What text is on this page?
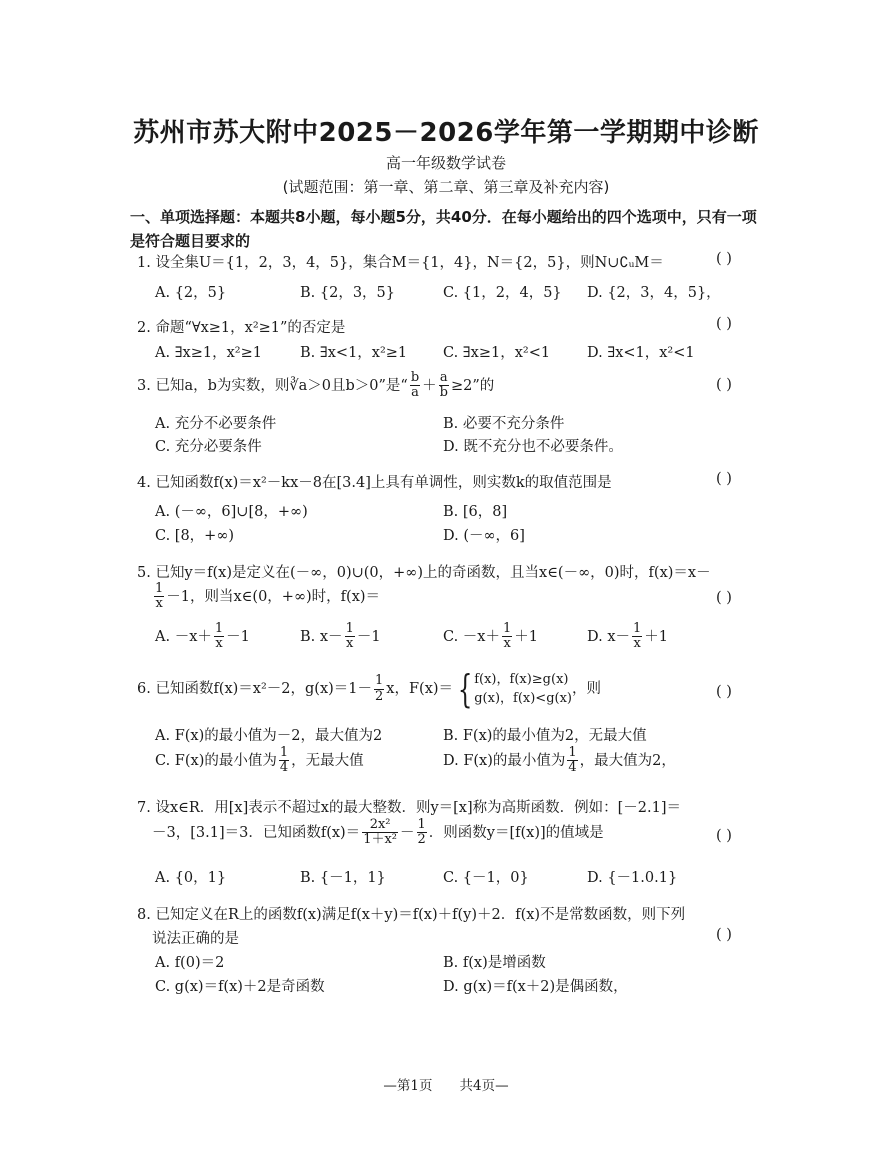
苏州市苏大附中2025－2026学年第一学期期中诊断
高一年级数学试卷
(试题范围：第一章、第二章、第三章及补充内容)
一、单项选择题：本题共8小题，每小题5分，共40分．在每小题给出的四个选项中，只有一项是符合题目要求的
1. 设全集U＝{1，2，3，4，5}，集合M＝{1，4}，N＝{2，5}，则N∪∁ᵤM＝	( )
A. {2，5}	B. {2，3，5}	C. {1，2，4，5} D. {2，3，4，5}，
2. 命题“∀x≥1，x²≥1”的否定是	( )
A. ∃x≥1，x²≥1	B. ∃x<1，x²≥1 C. ∃x≥1，x²<1	D. ∃x<1，x²<1
3. 已知a，b为实数，则∛a＞0且b＞0”是“ $\frac{b}{a} + \frac{a}{b} \ge 2$”的	( )
A. 充分不必要条件	B. 必要不充分条件
C. 充分必要条件	D. 既不充分也不必要条件。
4. 已知函数f(x)＝x²－kx－8在[3.4]上具有单调性，则实数k的取值范围是	( )
A. (－∞，6]∪[8，+∞)	B. [6，8]
C. [8，+∞)	D. (－∞，6]
5. 已知y＝f(x)是定义在(－∞，0)∪(0，+∞)上的奇函数，且当x∈(－∞，0)时，f(x)＝x－
$\frac{1}{x} -1$，则当x∈(0，+∞)时，f(x)＝	( )
A. $-x+ \frac{1}{x} -1$	B. $x- \frac{1}{x} -1$	C. $-x+ \frac{1}{x} +1$	D. $x- \frac{1}{x} +1$
6. 已知函数f(x)＝x²－2，$g(x)=1- \frac{1}{2}$ x，F(x)＝ { f(x)，f(x)≥g(x)
g(x)，f(x)<g(x)
，则	( )
A. F(x)的最小值为－2，最大值为2	B. F(x)的最小值为2，无最大值
C. F(x)的最小值为 $\frac{1}{4}$ ，无最大值	D. F(x)的最小值为 $\frac{1}{4}$ ，最大值为2，
7. 设x∈R．用[x]表示不超过x的最大整数．则y＝[x]称为高斯函数．例如：[－2.1]＝
－3，[3.1]＝3．已知函数$f(x)= \frac{\text{2x²}}{\text{1＋x²}} - \frac{1}{2}$ ．则函数y＝[f(x)]的值域是	( )
A. {0，1}	B. {－1，1}	C. {－1，0}	D. {－1.0.1}
8. 已知定义在R上的函数f(x)满足f(x＋y)＝f(x)＋f(y)＋2．f(x)不是常数函数，则下列
说法正确的是	( )
A. f(0)＝2	B. f(x)是增函数
C. g(x)＝f(x)＋2是奇函数	D. g(x)＝f(x＋2)是偶函数，
—第1页　　共4页—
